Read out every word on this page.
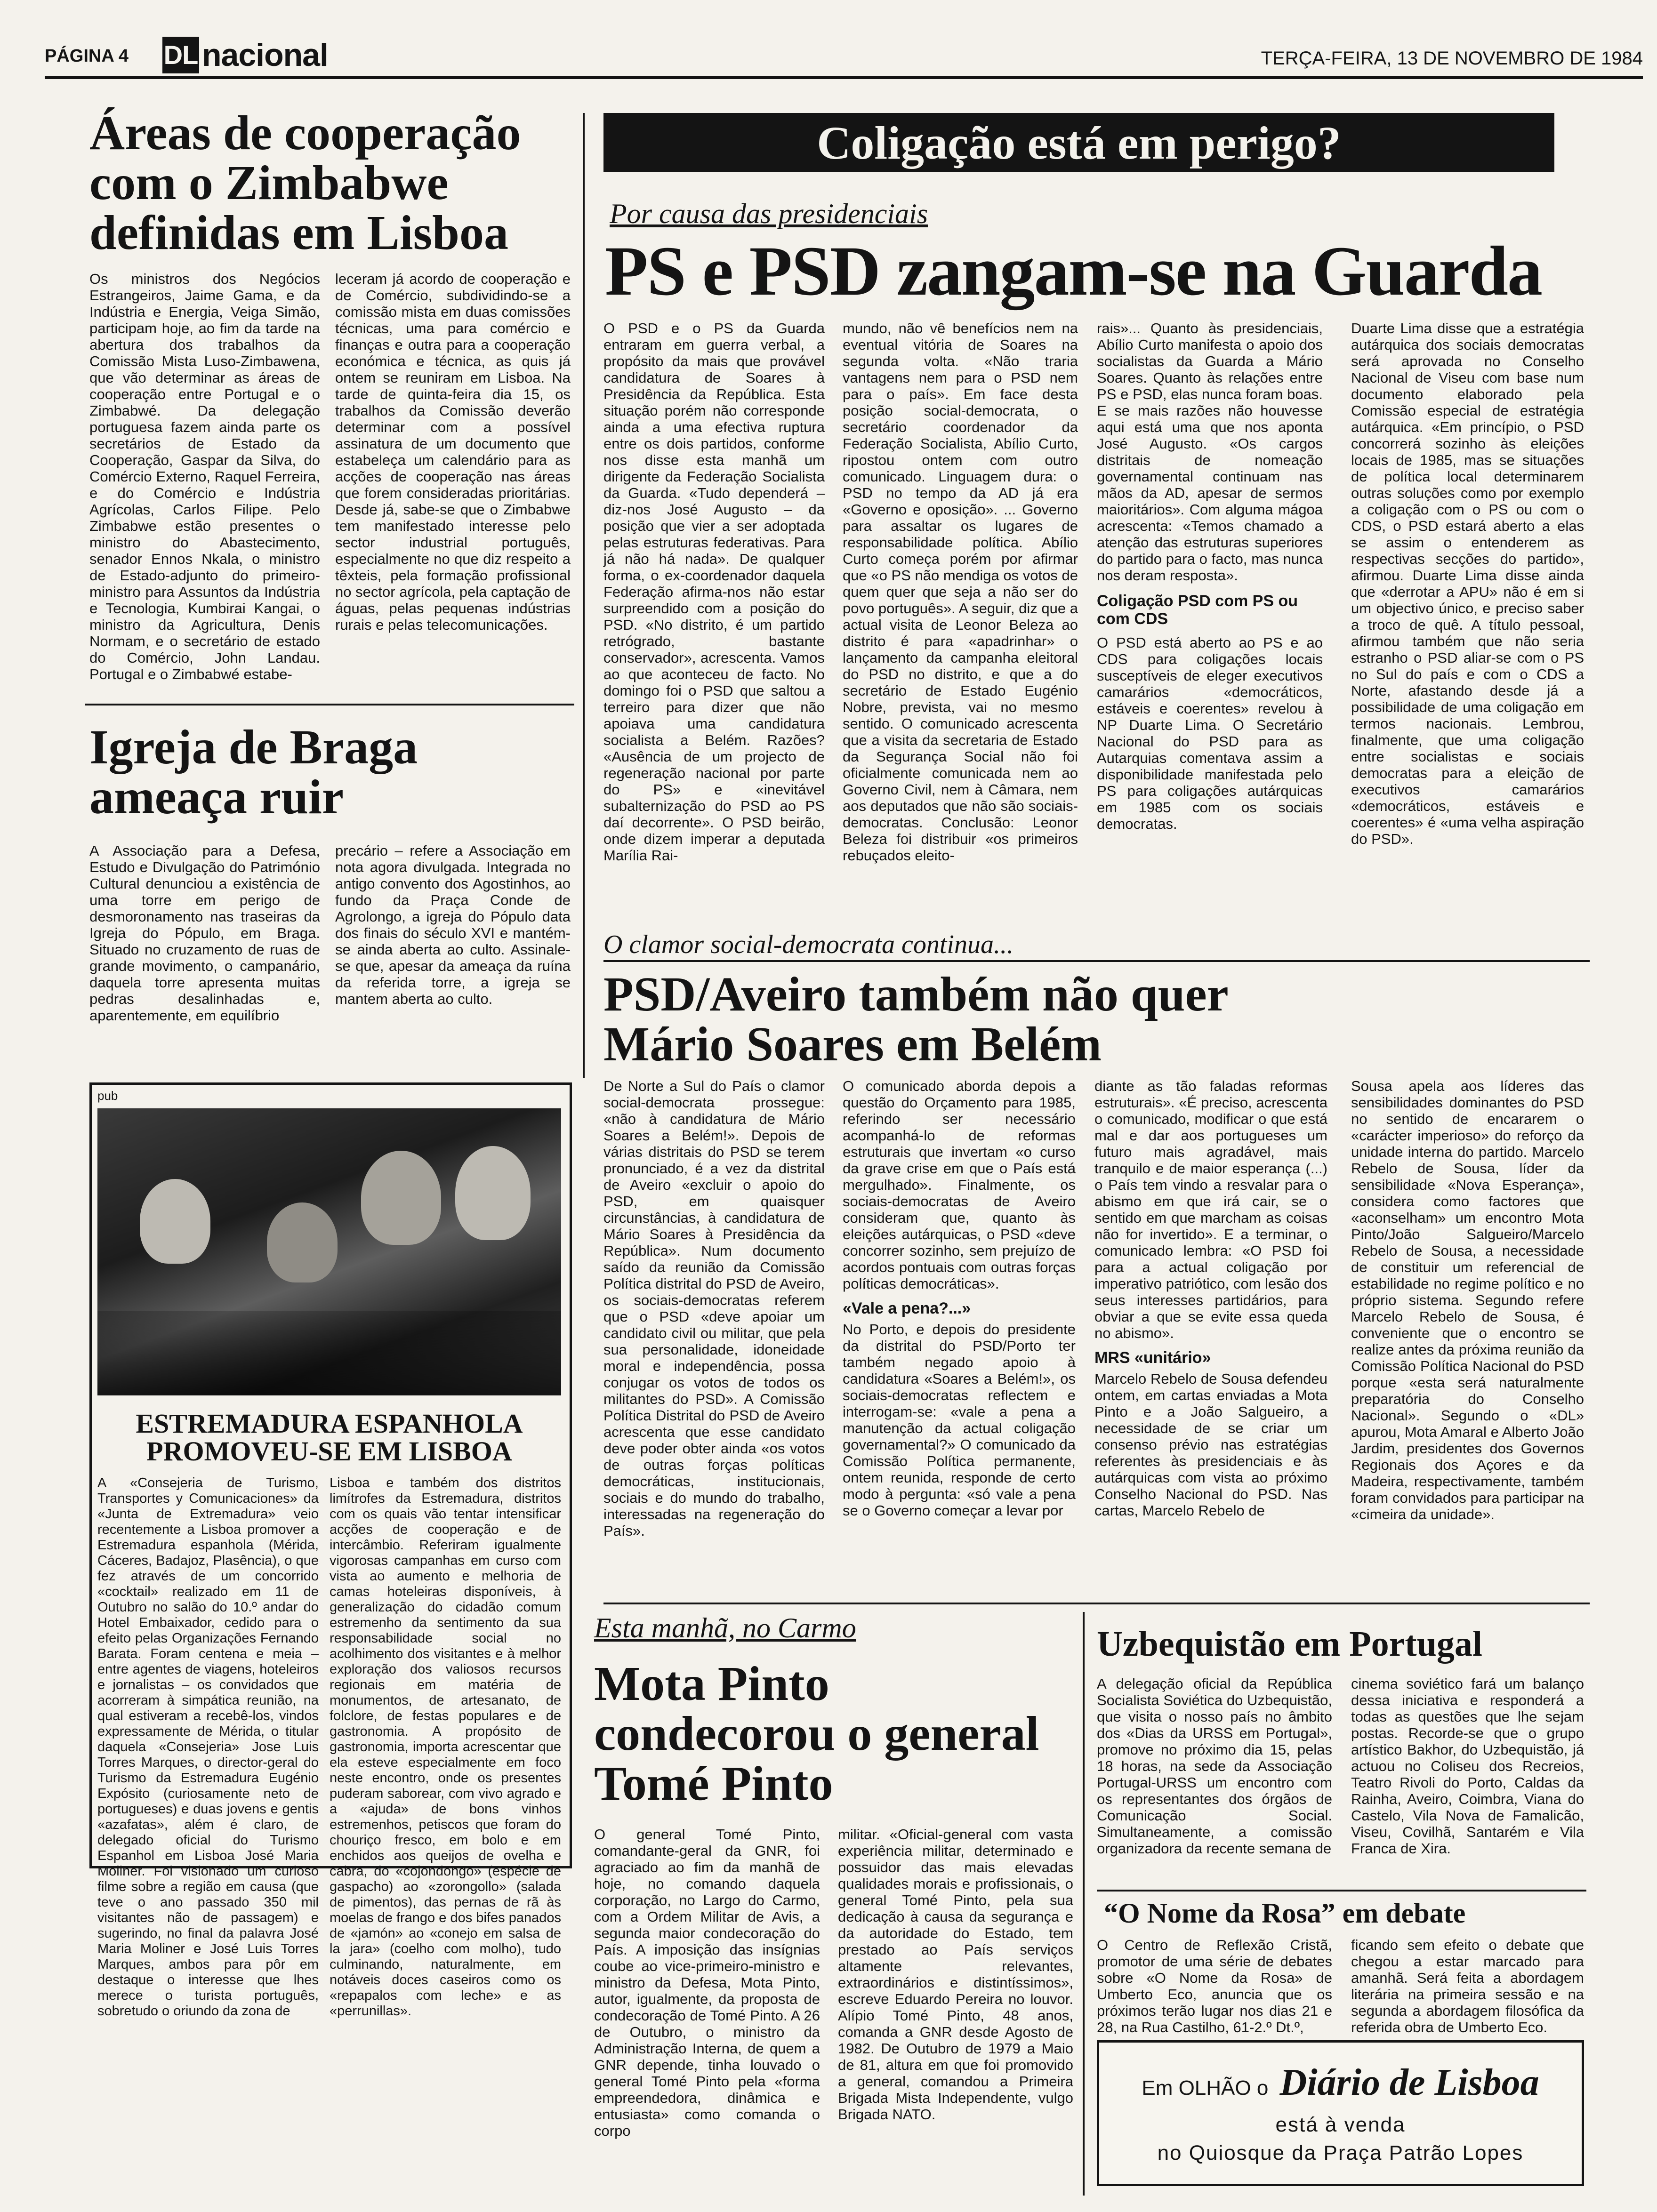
PÁGINA 4 DL nacional	TERÇA-FEIRA, 13 DE NOVEMBRO DE 1984
Áreas de cooperação com o Zimbabwe definidas em Lisboa
Os ministros dos Negócios Estrangeiros, Jaime Gama, e da Indústria e Energia, Veiga Simão, participam hoje, ao fim da tarde na abertura dos trabalhos da Comissão Mista Luso-Zimbawena, que vão determinar as áreas de cooperação entre Portugal e o Zimbabwé. Da delegação portuguesa fazem ainda parte os secretários de Estado da Cooperação, Gaspar da Silva, do Comércio Externo, Raquel Ferreira, e do Comércio e Indústria Agrícolas, Carlos Filipe. Pelo Zimbabwe estão presentes o ministro do Abastecimento, senador Ennos Nkala, o ministro de Estado-adjunto do primeiro-ministro para Assuntos da Indústria e Tecnologia, Kumbirai Kangai, o ministro da Agricultura, Denis Normam, e o secretário de estado do Comércio, John Landau. Portugal e o Zimbabwé estabe-
leceram já acordo de cooperação e de Comércio, subdividindo-se a comissão mista em duas comissões técnicas, uma para comércio e finanças e outra para a cooperação económica e técnica, as quis já ontem se reuniram em Lisboa. Na tarde de quinta-feira dia 15, os trabalhos da Comissão deverão determinar com a possível assinatura de um documento que estabeleça um calendário para as acções de cooperação nas áreas que forem consideradas prioritárias. Desde já, sabe-se que o Zimbabwe tem manifestado interesse pelo sector industrial português, especialmente no que diz respeito a têxteis, pela formação profissional no sector agrícola, pela captação de águas, pelas pequenas indústrias rurais e pelas telecomunicações.
Igreja de Braga ameaça ruir
A Associação para a Defesa, Estudo e Divulgação do Património Cultural denunciou a existência de uma torre em perigo de desmoronamento nas traseiras da Igreja do Pópulo, em Braga. Situado no cruzamento de ruas de grande movimento, o campanário, daquela torre apresenta muitas pedras desalinhadas e, aparentemente, em equilíbrio
precário – refere a Associação em nota agora divulgada. Integrada no antigo convento dos Agostinhos, ao fundo da Praça Conde de Agrolongo, a igreja do Pópulo data dos finais do século XVI e mantém-se ainda aberta ao culto. Assinale-se que, apesar da ameaça da ruína da referida torre, a igreja se mantem aberta ao culto.
pub
ESTREMADURA ESPANHOLA PROMOVEU-SE EM LISBOA
A «Consejeria de Turismo, Transportes y Comunicaciones» da «Junta de Extremadura» veio recentemente a Lisboa promover a Estremadura espanhola (Mérida, Cáceres, Badajoz, Plasência), o que fez através de um concorrido «cocktail» realizado em 11 de Outubro no salão do 10.º andar do Hotel Embaixador, cedido para o efeito pelas Organizações Fernando Barata. Foram centena e meia – entre agentes de viagens, hoteleiros e jornalistas – os convidados que acorreram à simpática reunião, na qual estiveram a recebê-los, vindos expressamente de Mérida, o titular daquela «Consejeria» Jose Luis Torres Marques, o director-geral do Turismo da Estremadura Eugénio Expósito (curiosamente neto de portugueses) e duas jovens e gentis «azafatas», além é claro, de delegado oficial do Turismo Espanhol em Lisboa José Maria Moliner. Foi visionado um curioso filme sobre a região em causa (que teve o ano passado 350 mil visitantes não de passagem) e sugerindo, no final da palavra José Maria Moliner e José Luis Torres Marques, ambos para pôr em destaque o interesse que lhes merece o turista português, sobretudo o oriundo da zona de
Lisboa e também dos distritos limítrofes da Estremadura, distritos com os quais vão tentar intensificar acções de cooperação e de intercâmbio. Referiram igualmente vigorosas campanhas em curso com vista ao aumento e melhoria de camas hoteleiras disponíveis, à generalização do cidadão comum estremenho da sentimento da sua responsabilidade social no acolhimento dos visitantes e à melhor exploração dos valiosos recursos regionais em matéria de monumentos, de artesanato, de folclore, de festas populares e de gastronomia. A propósito de gastronomia, importa acrescentar que ela esteve especialmente em foco neste encontro, onde os presentes puderam saborear, com vivo agrado e a «ajuda» de bons vinhos estremenhos, petiscos que foram do chouriço fresco, em bolo e em enchidos aos queijos de ovelha e cabra, do «cojondongo» (espécie de gaspacho) ao «zorongollo» (salada de pimentos), das pernas de rã às moelas de frango e dos bifes panados de «jamón» ao «conejo em salsa de la jara» (coelho com molho), tudo culminando, naturalmente, em notáveis doces caseiros como os «repapalos com leche» e as «perrunillas».
Coligação está em perigo?
Por causa das presidenciais
PS e PSD zangam-se na Guarda
O PSD e o PS da Guarda entraram em guerra verbal, a propósito da mais que provável candidatura de Soares à Presidência da República. Esta situação porém não corresponde ainda a uma efectiva ruptura entre os dois partidos, conforme nos disse esta manhã um dirigente da Federação Socialista da Guarda. «Tudo dependerá – diz-nos José Augusto – da posição que vier a ser adoptada pelas estruturas federativas. Para já não há nada». De qualquer forma, o ex-coordenador daquela Federação afirma-nos não estar surpreendido com a posição do PSD. «No distrito, é um partido retrógrado, bastante conservador», acrescenta. Vamos ao que aconteceu de facto. No domingo foi o PSD que saltou a terreiro para dizer que não apoiava uma candidatura socialista a Belém. Razões? «Ausência de um projecto de regeneração nacional por parte do PS» e «inevitável subalternização do PSD ao PS daí decorrente». O PSD beirão, onde dizem imperar a deputada Marília Rai-
mundo, não vê benefícios nem na eventual vitória de Soares na segunda volta. «Não traria vantagens nem para o PSD nem para o país». Em face desta posição social-democrata, o secretário coordenador da Federação Socialista, Abílio Curto, ripostou ontem com outro comunicado. Linguagem dura: o PSD no tempo da AD já era «Governo e oposição». ... Governo para assaltar os lugares de responsabilidade política. Abílio Curto começa porém por afirmar que «o PS não mendiga os votos de quem quer que seja a não ser do povo português». A seguir, diz que a actual visita de Leonor Beleza ao distrito é para «apadrinhar» o lançamento da campanha eleitoral do PSD no distrito, e que a do secretário de Estado Eugénio Nobre, prevista, vai no mesmo sentido. O comunicado acrescenta que a visita da secretaria de Estado da Segurança Social não foi oficialmente comunicada nem ao Governo Civil, nem à Câmara, nem aos deputados que não são sociais-democratas. Conclusão: Leonor Beleza foi distribuir «os primeiros rebuçados eleito-
rais»... Quanto às presidenciais, Abílio Curto manifesta o apoio dos socialistas da Guarda a Mário Soares. Quanto às relações entre PS e PSD, elas nunca foram boas. E se mais razões não houvesse aqui está uma que nos aponta José Augusto. «Os cargos distritais de nomeação governamental continuam nas mãos da AD, apesar de sermos maioritários». Com alguma mágoa acrescenta: «Temos chamado a atenção das estruturas superiores do partido para o facto, mas nunca nos deram resposta».
Coligação PSD com PS ou com CDS
O PSD está aberto ao PS e ao CDS para coligações locais susceptíveis de eleger executivos camarários «democráticos, estáveis e coerentes» revelou à NP Duarte Lima. O Secretário Nacional do PSD para as Autarquias comentava assim a disponibilidade manifestada pelo PS para coligações autárquicas em 1985 com os sociais democratas.
Duarte Lima disse que a estratégia autárquica dos sociais democratas será aprovada no Conselho Nacional de Viseu com base num documento elaborado pela Comissão especial de estratégia autárquica. «Em princípio, o PSD concorrerá sozinho às eleições locais de 1985, mas se situações de política local determinarem outras soluções como por exemplo a coligação com o PS ou com o CDS, o PSD estará aberto a elas se assim o entenderem as respectivas secções do partido», afirmou. Duarte Lima disse ainda que «derrotar a APU» não é em si um objectivo único, e preciso saber a troco de quê. A título pessoal, afirmou também que não seria estranho o PSD aliar-se com o PS no Sul do país e com o CDS a Norte, afastando desde já a possibilidade de uma coligação em termos nacionais. Lembrou, finalmente, que uma coligação entre socialistas e sociais democratas para a eleição de executivos camarários «democráticos, estáveis e coerentes» é «uma velha aspiração do PSD».
O clamor social-democrata continua...
PSD/Aveiro também não quer Mário Soares em Belém
De Norte a Sul do País o clamor social-democrata prossegue: «não à candidatura de Mário Soares a Belém!». Depois de várias distritais do PSD se terem pronunciado, é a vez da distrital de Aveiro «excluir o apoio do PSD, em quaisquer circunstâncias, à candidatura de Mário Soares à Presidência da República». Num documento saído da reunião da Comissão Política distrital do PSD de Aveiro, os sociais-democratas referem que o PSD «deve apoiar um candidato civil ou militar, que pela sua personalidade, idoneidade moral e independência, possa conjugar os votos de todos os militantes do PSD». A Comissão Política Distrital do PSD de Aveiro acrescenta que esse candidato deve poder obter ainda «os votos de outras forças políticas democráticas, institucionais, sociais e do mundo do trabalho, interessadas na regeneração do País».
O comunicado aborda depois a questão do Orçamento para 1985, referindo ser necessário acompanhá-lo de reformas estruturais que invertam «o curso da grave crise em que o País está mergulhado». Finalmente, os sociais-democratas de Aveiro consideram que, quanto às eleições autárquicas, o PSD «deve concorrer sozinho, sem prejuízo de acordos pontuais com outras forças políticas democráticas».
«Vale a pena?...»
No Porto, e depois do presidente da distrital do PSD/Porto ter também negado apoio à candidatura «Soares a Belém!», os sociais-democratas reflectem e interrogam-se: «vale a pena a manutenção da actual coligação governamental?» O comunicado da Comissão Política permanente, ontem reunida, responde de certo modo à pergunta: «só vale a pena se o Governo começar a levar por
diante as tão faladas reformas estruturais». «É preciso, acrescenta o comunicado, modificar o que está mal e dar aos portugueses um futuro mais agradável, mais tranquilo e de maior esperança (...) o País tem vindo a resvalar para o abismo em que irá cair, se o sentido em que marcham as coisas não for invertido». E a terminar, o comunicado lembra: «O PSD foi para a actual coligação por imperativo patriótico, com lesão dos seus interesses partidários, para obviar a que se evite essa queda no abismo».
MRS «unitário»
Marcelo Rebelo de Sousa defendeu ontem, em cartas enviadas a Mota Pinto e a João Salgueiro, a necessidade de se criar um consenso prévio nas estratégias referentes às presidenciais e às autárquicas com vista ao próximo Conselho Nacional do PSD. Nas cartas, Marcelo Rebelo de
Sousa apela aos líderes das sensibilidades dominantes do PSD no sentido de encararem o «carácter imperioso» do reforço da unidade interna do partido. Marcelo Rebelo de Sousa, líder da sensibilidade «Nova Esperança», considera como factores que «aconselham» um encontro Mota Pinto/João Salgueiro/Marcelo Rebelo de Sousa, a necessidade de constituir um referencial de estabilidade no regime político e no próprio sistema. Segundo refere Marcelo Rebelo de Sousa, é conveniente que o encontro se realize antes da próxima reunião da Comissão Política Nacional do PSD porque «esta será naturalmente preparatória do Conselho Nacional». Segundo o «DL» apurou, Mota Amaral e Alberto João Jardim, presidentes dos Governos Regionais dos Açores e da Madeira, respectivamente, também foram convidados para participar na «cimeira da unidade».
Esta manhã, no Carmo
Mota Pinto condecorou o general Tomé Pinto
O general Tomé Pinto, comandante-geral da GNR, foi agraciado ao fim da manhã de hoje, no comando daquela corporação, no Largo do Carmo, com a Ordem Militar de Avis, a segunda maior condecoração do País. A imposição das insígnias coube ao vice-primeiro-ministro e ministro da Defesa, Mota Pinto, autor, igualmente, da proposta de condecoração de Tomé Pinto. A 26 de Outubro, o ministro da Administração Interna, de quem a GNR depende, tinha louvado o general Tomé Pinto pela «forma empreendedora, dinâmica e entusiasta» como comanda o corpo
militar. «Oficial-general com vasta experiência militar, determinado e possuidor das mais elevadas qualidades morais e profissionais, o general Tomé Pinto, pela sua dedicação à causa da segurança e da autoridade do Estado, tem prestado ao País serviços altamente relevantes, extraordinários e distintíssimos», escreve Eduardo Pereira no louvor. Alípio Tomé Pinto, 48 anos, comanda a GNR desde Agosto de 1982. De Outubro de 1979 a Maio de 81, altura em que foi promovido a general, comandou a Primeira Brigada Mista Independente, vulgo Brigada NATO.
Uzbequistão em Portugal
A delegação oficial da República Socialista Soviética do Uzbequistão, que visita o nosso país no âmbito dos «Dias da URSS em Portugal», promove no próximo dia 15, pelas 18 horas, na sede da Associação Portugal-URSS um encontro com os representantes dos órgãos de Comunicação Social. Simultaneamente, a comissão organizadora da recente semana de
cinema soviético fará um balanço dessa iniciativa e responderá a todas as questões que lhe sejam postas. Recorde-se que o grupo artístico Bakhor, do Uzbequistão, já actuou no Coliseu dos Recreios, Teatro Rivoli do Porto, Caldas da Rainha, Aveiro, Coimbra, Viana do Castelo, Vila Nova de Famalicão, Viseu, Covilhã, Santarém e Vila Franca de Xira.
“O Nome da Rosa” em debate
O Centro de Reflexão Cristã, promotor de uma série de debates sobre «O Nome da Rosa» de Umberto Eco, anuncia que os próximos terão lugar nos dias 21 e 28, na Rua Castilho, 61-2.º Dt.º,
ficando sem efeito o debate que chegou a estar marcado para amanhã. Será feita a abordagem literária na primeira sessão e na segunda a abordagem filosófica da referida obra de Umberto Eco.
Em OLHÃO o Diário de Lisboa
está à venda
no Quiosque da Praça Patrão Lopes
